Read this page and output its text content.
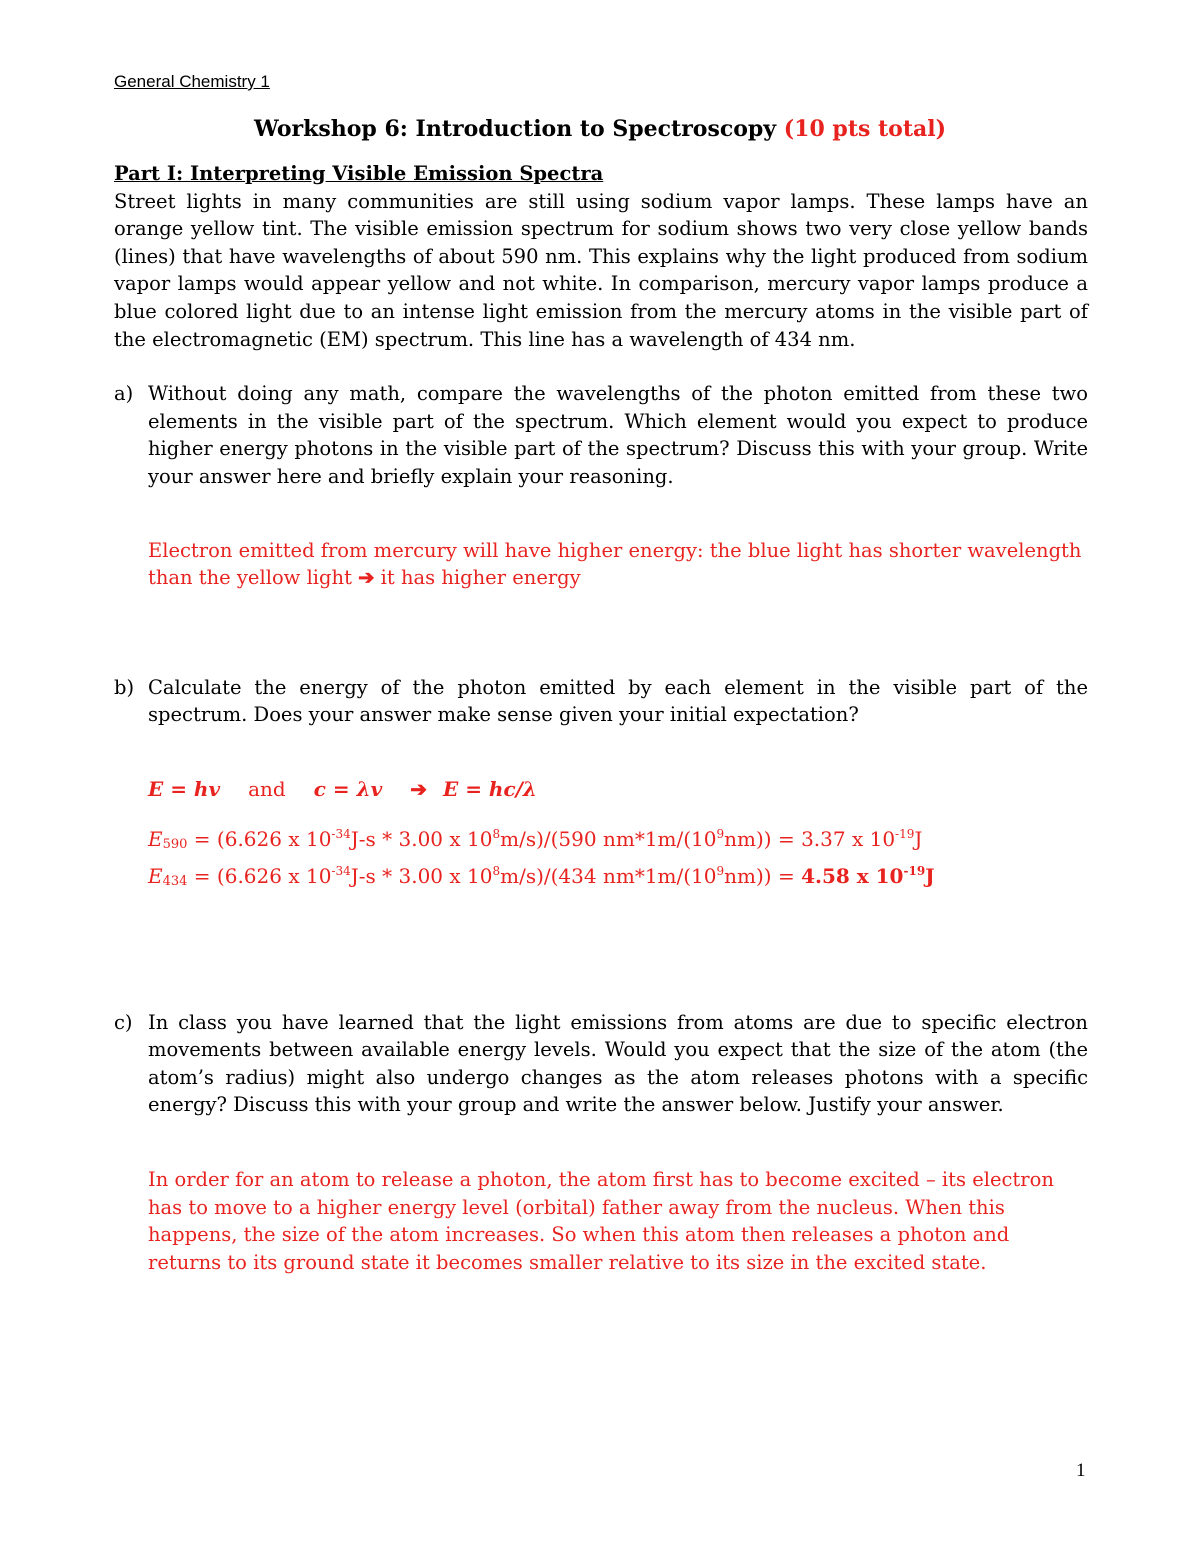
General Chemistry 1
Workshop 6: Introduction to Spectroscopy (10 pts total)

Part I: Interpreting Visible Emission Spectra

Street lights in many communities are still using sodium vapor lamps. These lamps have an orange yellow tint. The visible emission spectrum for sodium shows two very close yellow bands (lines) that have wavelengths of about 590 nm. This explains why the light produced from sodium vapor lamps would appear yellow and not white. In comparison, mercury vapor lamps produce a blue colored light due to an intense light emission from the mercury atoms in the visible part of the electromagnetic (EM) spectrum. This line has a wavelength of 434 nm.

a) Without doing any math, compare the wavelengths of the photon emitted from these two elements in the visible part of the spectrum. Which element would you expect to produce higher energy photons in the visible part of the spectrum? Discuss this with your group. Write your answer here and briefly explain your reasoning.

Electron emitted from mercury will have higher energy: the blue light has shorter wavelength than the yellow light ➔ it has higher energy

b) Calculate the energy of the photon emitted by each element in the visible part of the spectrum. Does your answer make sense given your initial expectation?

E = hv and c = λv ➔ E = hc/λ

E590 = (6.626 x $10^{-34}J-s * 3.00$ x $10^8m/s)/(590$ $nm*1m/(10^9nm)) = 3.37$ x $10^{-19}J$

E434 = (6.626 x $10^{-34}J-s * 3.00$ x $10^8m/s)/(434$ $nm*1m/(10^9nm)) = 4.58$ x $10^{-19}J$

c) In class you have learned that the light emissions from atoms are due to specific electron movements between available energy levels. Would you expect that the size of the atom (the atom’s radius) might also undergo changes as the atom releases photons with a specific energy? Discuss this with your group and write the answer below. Justify your answer.

In order for an atom to release a photon, the atom first has to become excited – its electron has to move to a higher energy level (orbital) father away from the nucleus. When this happens, the size of the atom increases. So when this atom then releases a photon and returns to its ground state it becomes smaller relative to its size in the excited state.

1
